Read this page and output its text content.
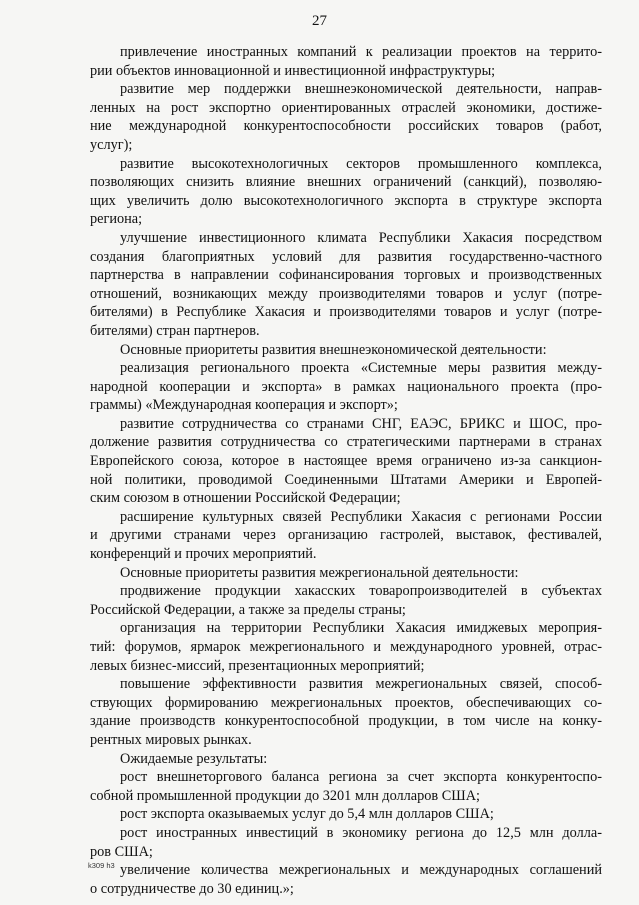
27
привлечение иностранных компаний к реализации проектов на террито-
рии объектов инновационной и инвестиционной инфраструктуры;
развитие мер поддержки внешнеэкономической деятельности, направ-
ленных на рост экспортно ориентированных отраслей экономики, достиже-
ние международной конкурентоспособности российских товаров (работ,
услуг);
развитие высокотехнологичных секторов промышленного комплекса,
позволяющих снизить влияние внешних ограничений (санкций), позволяю-
щих увеличить долю высокотехнологичного экспорта в структуре экспорта
региона;
улучшение инвестиционного климата Республики Хакасия посредством
создания благоприятных условий для развития государственно-частного
партнерства в направлении софинансирования торговых и производственных
отношений, возникающих между производителями товаров и услуг (потре-
бителями) в Республике Хакасия и производителями товаров и услуг (потре-
бителями) стран партнеров.
Основные приоритеты развития внешнеэкономической деятельности:
реализация регионального проекта «Системные меры развития между-
народной кооперации и экспорта» в рамках национального проекта (про-
граммы) «Международная кооперация и экспорт»;
развитие сотрудничества со странами СНГ, ЕАЭС, БРИКС и ШОС, про-
должение развития сотрудничества со стратегическими партнерами в странах
Европейского союза, которое в настоящее время ограничено из-за санкцион-
ной политики, проводимой Соединенными Штатами Америки и Европей-
ским союзом в отношении Российской Федерации;
расширение культурных связей Республики Хакасия с регионами России
и другими странами через организацию гастролей, выставок, фестивалей,
конференций и прочих мероприятий.
Основные приоритеты развития межрегиональной деятельности:
продвижение продукции хакасских товаропроизводителей в субъектах
Российской Федерации, а также за пределы страны;
организация на территории Республики Хакасия имиджевых мероприя-
тий: форумов, ярмарок межрегионального и международного уровней, отрас-
левых бизнес-миссий, презентационных мероприятий;
повышение эффективности развития межрегиональных связей, способ-
ствующих формированию межрегиональных проектов, обеспечивающих со-
здание производств конкурентоспособной продукции, в том числе на конку-
рентных мировых рынках.
Ожидаемые результаты:
рост внешнеторгового баланса региона за счет экспорта конкурентоспо-
собной промышленной продукции до 3201 млн долларов США;
рост экспорта оказываемых услуг до 5,4 млн долларов США;
рост иностранных инвестиций в экономику региона до 12,5 млн долла-
ров США;
увеличение количества межрегиональных и международных соглашений
о сотрудничестве до 30 единиц.»;
k309 h3
